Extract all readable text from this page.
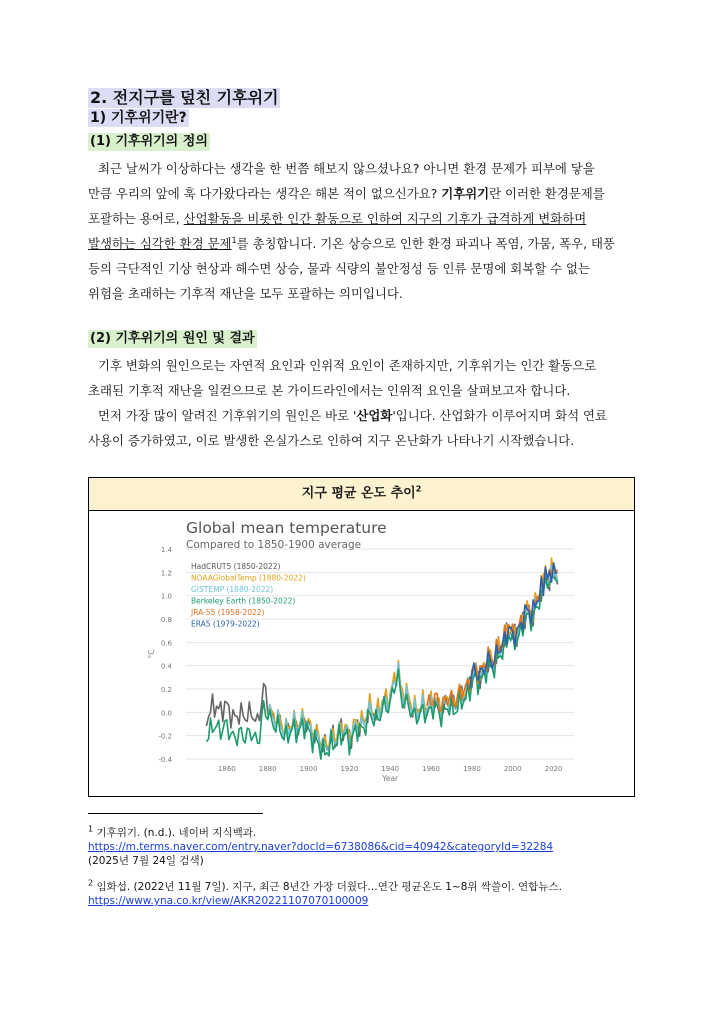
2. 전지구를 덮친 기후위기
1) 기후위기란?
(1) 기후위기의 정의
최근 날씨가 이상하다는 생각을 한 번쯤 해보지 않으셨나요? 아니면 환경 문제가 피부에 닿을
만큼 우리의 앞에 훅 다가왔다라는 생각은 해본 적이 없으신가요? 기후위기란 이러한 환경문제를
포괄하는 용어로, 산업활동을 비롯한 인간 활동으로 인하여 지구의 기후가 급격하게 변화하며
발생하는 심각한 환경 문제$^1$를 총칭합니다. 기온 상승으로 인한 환경 파괴나 폭염, 가뭄, 폭우, 태풍
등의 극단적인 기상 현상과 해수면 상승, 물과 식량의 불안정성 등 인류 문명에 회복할 수 없는
위험을 초래하는 기후적 재난을 모두 포괄하는 의미입니다.
(2) 기후위기의 원인 및 결과
기후 변화의 원인으로는 자연적 요인과 인위적 요인이 존재하지만, 기후위기는 인간 활동으로
초래된 기후적 재난을 일컫으므로 본 가이드라인에서는 인위적 요인을 살펴보고자 합니다.
먼저 가장 많이 알려진 기후위기의 원인은 바로 '산업화'입니다. 산업화가 이루어지며 화석 연료
사용이 증가하였고, 이로 발생한 온실가스로 인하여 지구 온난화가 나타나기 시작했습니다.
지구 평균 온도 추이$^2$
-0.4
-0.2
0.0
0.2
0.4
0.6
0.8
1.0
1.2
1.4
1860	1880	1900	1920	1940	1960	1980	2000	2020
Year
°C
Global mean temperature
Compared to 1850-1900 average
HadCRUT5 (1850-2022)
NOAAGlobalTemp (1880-2022)
GISTEMP (1880-2022)
Berkeley Earth (1850-2022)
JRA-55 (1958-2022)
ERA5 (1979-2022)
$^1$ 기후위기. (n.d.). 네이버 지식백과.
https://m.terms.naver.com/entry.naver?docId=6738086&cid=40942&categoryId=32284
(2025년 7월 24일 검색)
$^2$ 임화섭. (2022년 11월 7일). 지구, 최근 8년간 가장 더웠다…연간 평균온도 1~8위 싹쓸이. 연합뉴스.
https://www.yna.co.kr/view/AKR20221107070100009
